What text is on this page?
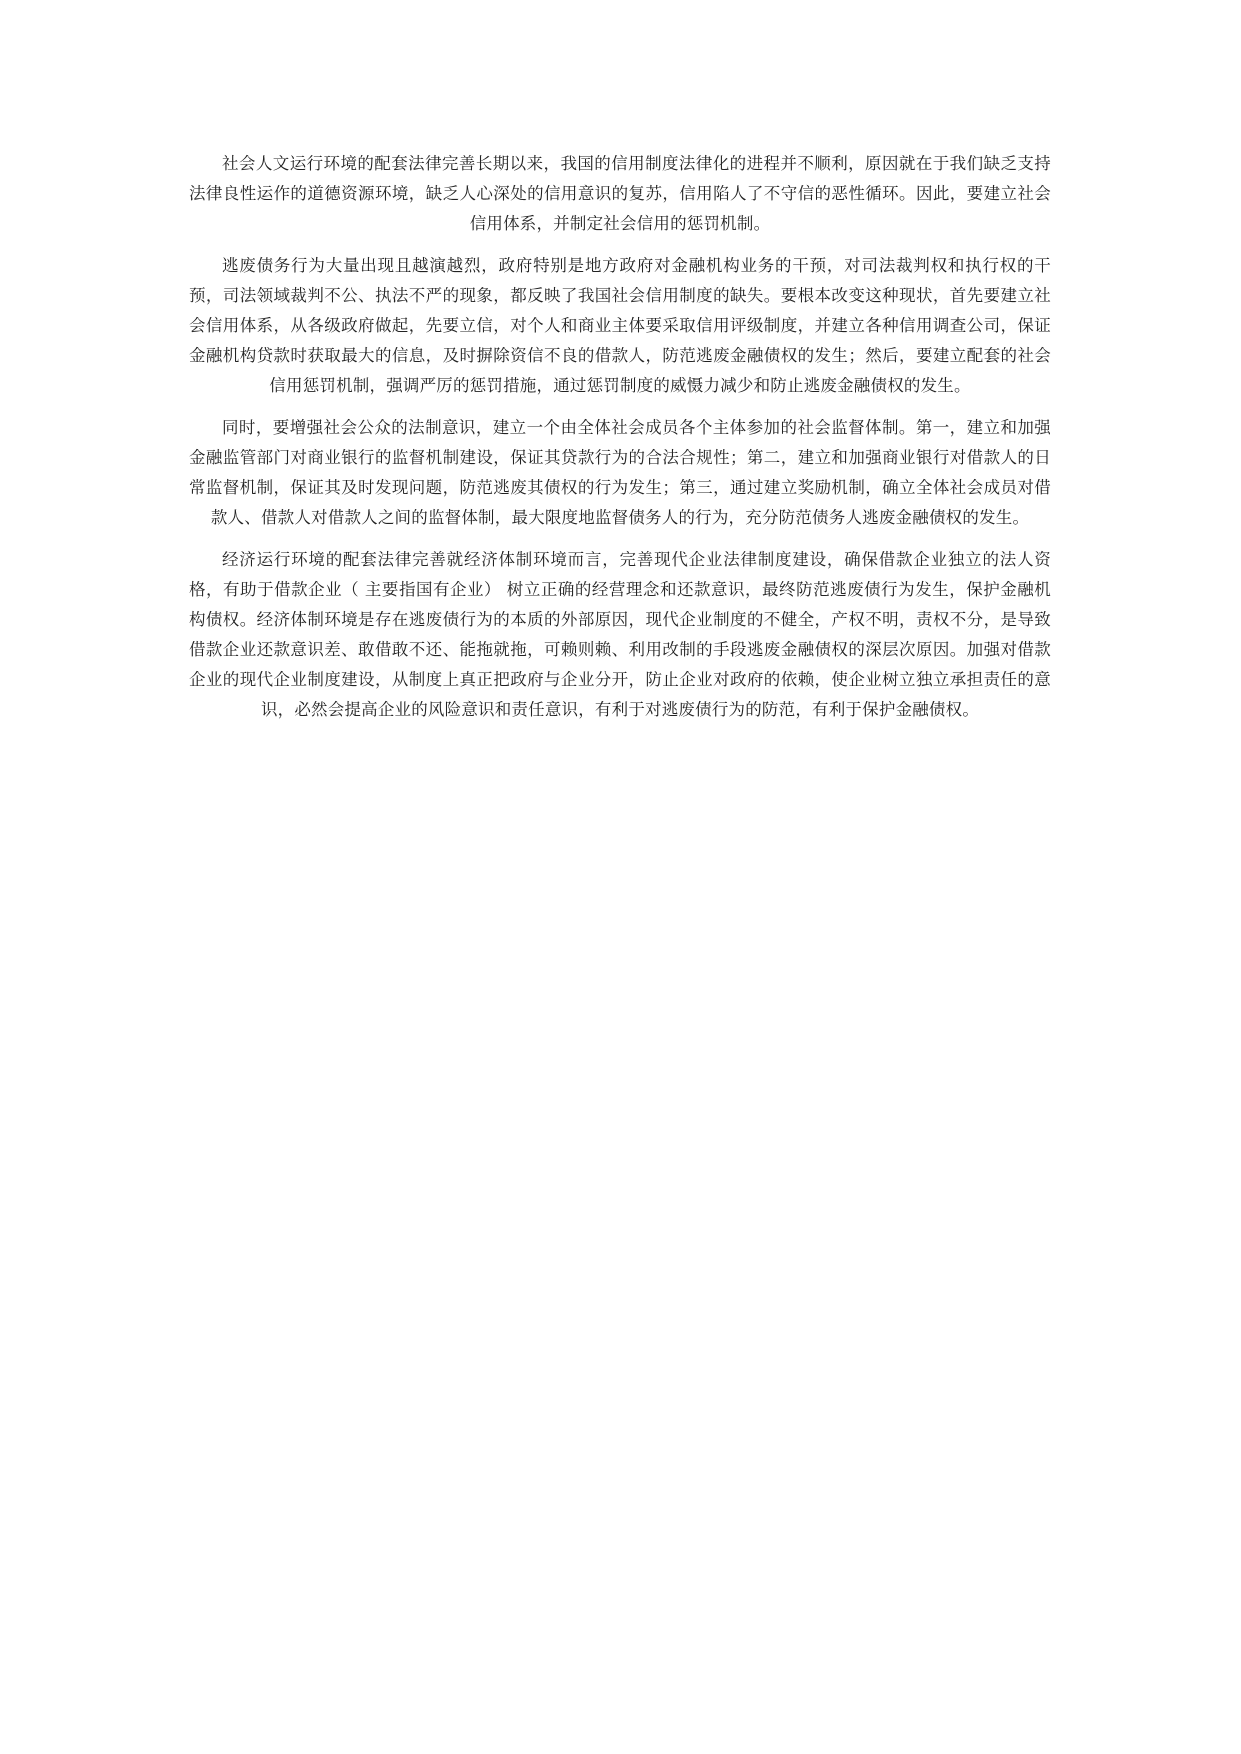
社会人文运行环境的配套法律完善长期以来，我国的信用制度法律化的进程并不顺利，原因就在于我们缺乏支持法律良性运作的道德资源环境，缺乏人心深处的信用意识的复苏，信用陷人了不守信的恶性循环。因此，要建立社会信用体系，并制定社会信用的惩罚机制。

逃废债务行为大量出现且越演越烈，政府特别是地方政府对金融机构业务的干预，对司法裁判权和执行权的干预，司法领域裁判不公、执法不严的现象，都反映了我国社会信用制度的缺失。要根本改变这种现状，首先要建立社会信用体系，从各级政府做起，先要立信，对个人和商业主体要采取信用评级制度，并建立各种信用调查公司，保证金融机构贷款时获取最大的信息，及时摒除资信不良的借款人，防范逃废金融债权的发生；然后，要建立配套的社会信用惩罚机制，强调严厉的惩罚措施，通过惩罚制度的威慑力减少和防止逃废金融债权的发生。

同时，要增强社会公众的法制意识，建立一个由全体社会成员各个主体参加的社会监督体制。第一，建立和加强金融监管部门对商业银行的监督机制建设，保证其贷款行为的合法合规性；第二，建立和加强商业银行对借款人的日常监督机制，保证其及时发现问题，防范逃废其债权的行为发生；第三，通过建立奖励机制，确立全体社会成员对借款人、借款人对借款人之间的监督体制，最大限度地监督债务人的行为，充分防范债务人逃废金融债权的发生。

经济运行环境的配套法律完善就经济体制环境而言，完善现代企业法律制度建设，确保借款企业独立的法人资格，有助于借款企业（ 主要指国有企业） 树立正确的经营理念和还款意识，最终防范逃废债行为发生，保护金融机构债权。经济体制环境是存在逃废债行为的本质的外部原因，现代企业制度的不健全，产权不明，责权不分，是导致借款企业还款意识差、敢借敢不还、能拖就拖，可赖则赖、利用改制的手段逃废金融债权的深层次原因。加强对借款企业的现代企业制度建设，从制度上真正把政府与企业分开，防止企业对政府的依赖，使企业树立独立承担责任的意识，必然会提高企业的风险意识和责任意识，有利于对逃废债行为的防范，有利于保护金融债权。
